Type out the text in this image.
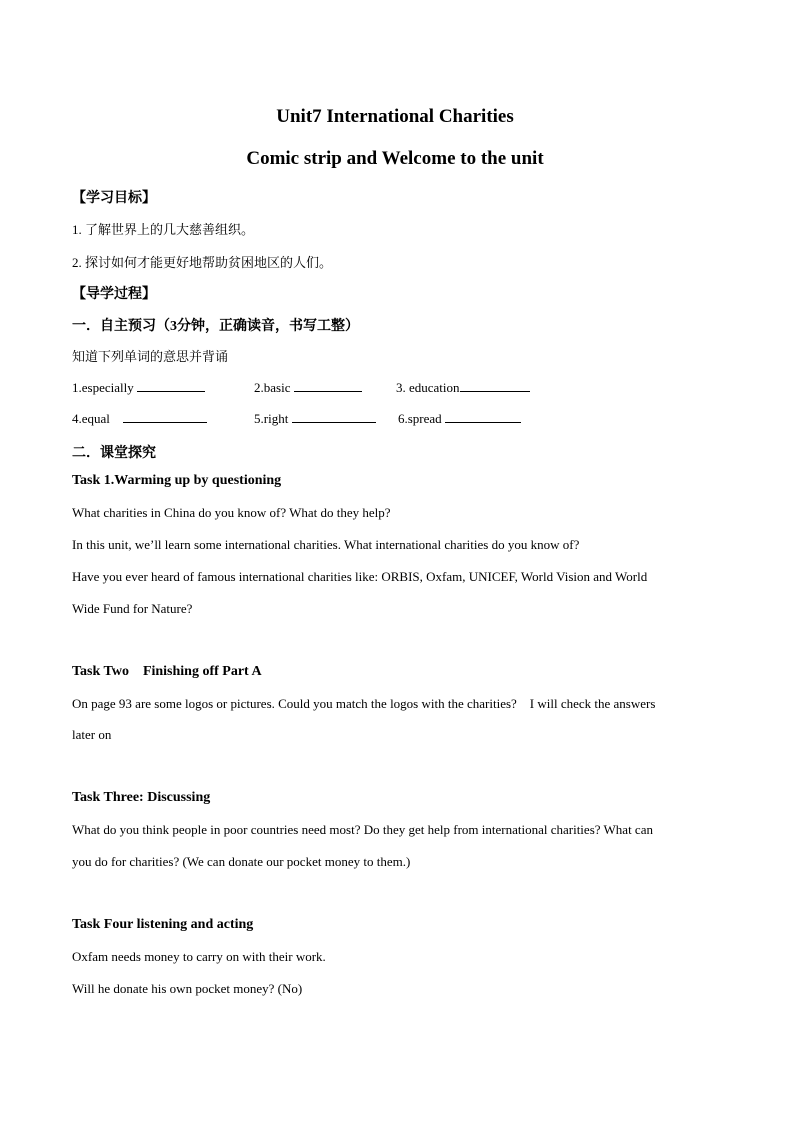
Unit7 International Charities
Comic strip and Welcome to the unit
【学习目标】
1. 了解世界上的几大慈善组织。
2. 探讨如何才能更好地帮助贫困地区的人们。
【导学过程】
一．自主预习（3分钟，正确读音，书写工整）
知道下列单词的意思并背诵
1.especially	2.basic	3. education
4.equal	5.right	6.spread
二．课堂探究
Task 1.Warming up by questioning
What charities in China do you know of? What do they help?
In this unit, we’ll learn some international charities. What international charities do you know of?
Have you ever heard of famous international charities like: ORBIS, Oxfam, UNICEF, World Vision and World
Wide Fund for Nature?
Task Two    Finishing off Part A
On page 93 are some logos or pictures. Could you match the logos with the charities?    I will check the answers
later on
Task Three: Discussing
What do you think people in poor countries need most? Do they get help from international charities? What can
you do for charities? (We can donate our pocket money to them.)
Task Four listening and acting
Oxfam needs money to carry on with their work.
Will he donate his own pocket money? (No)
